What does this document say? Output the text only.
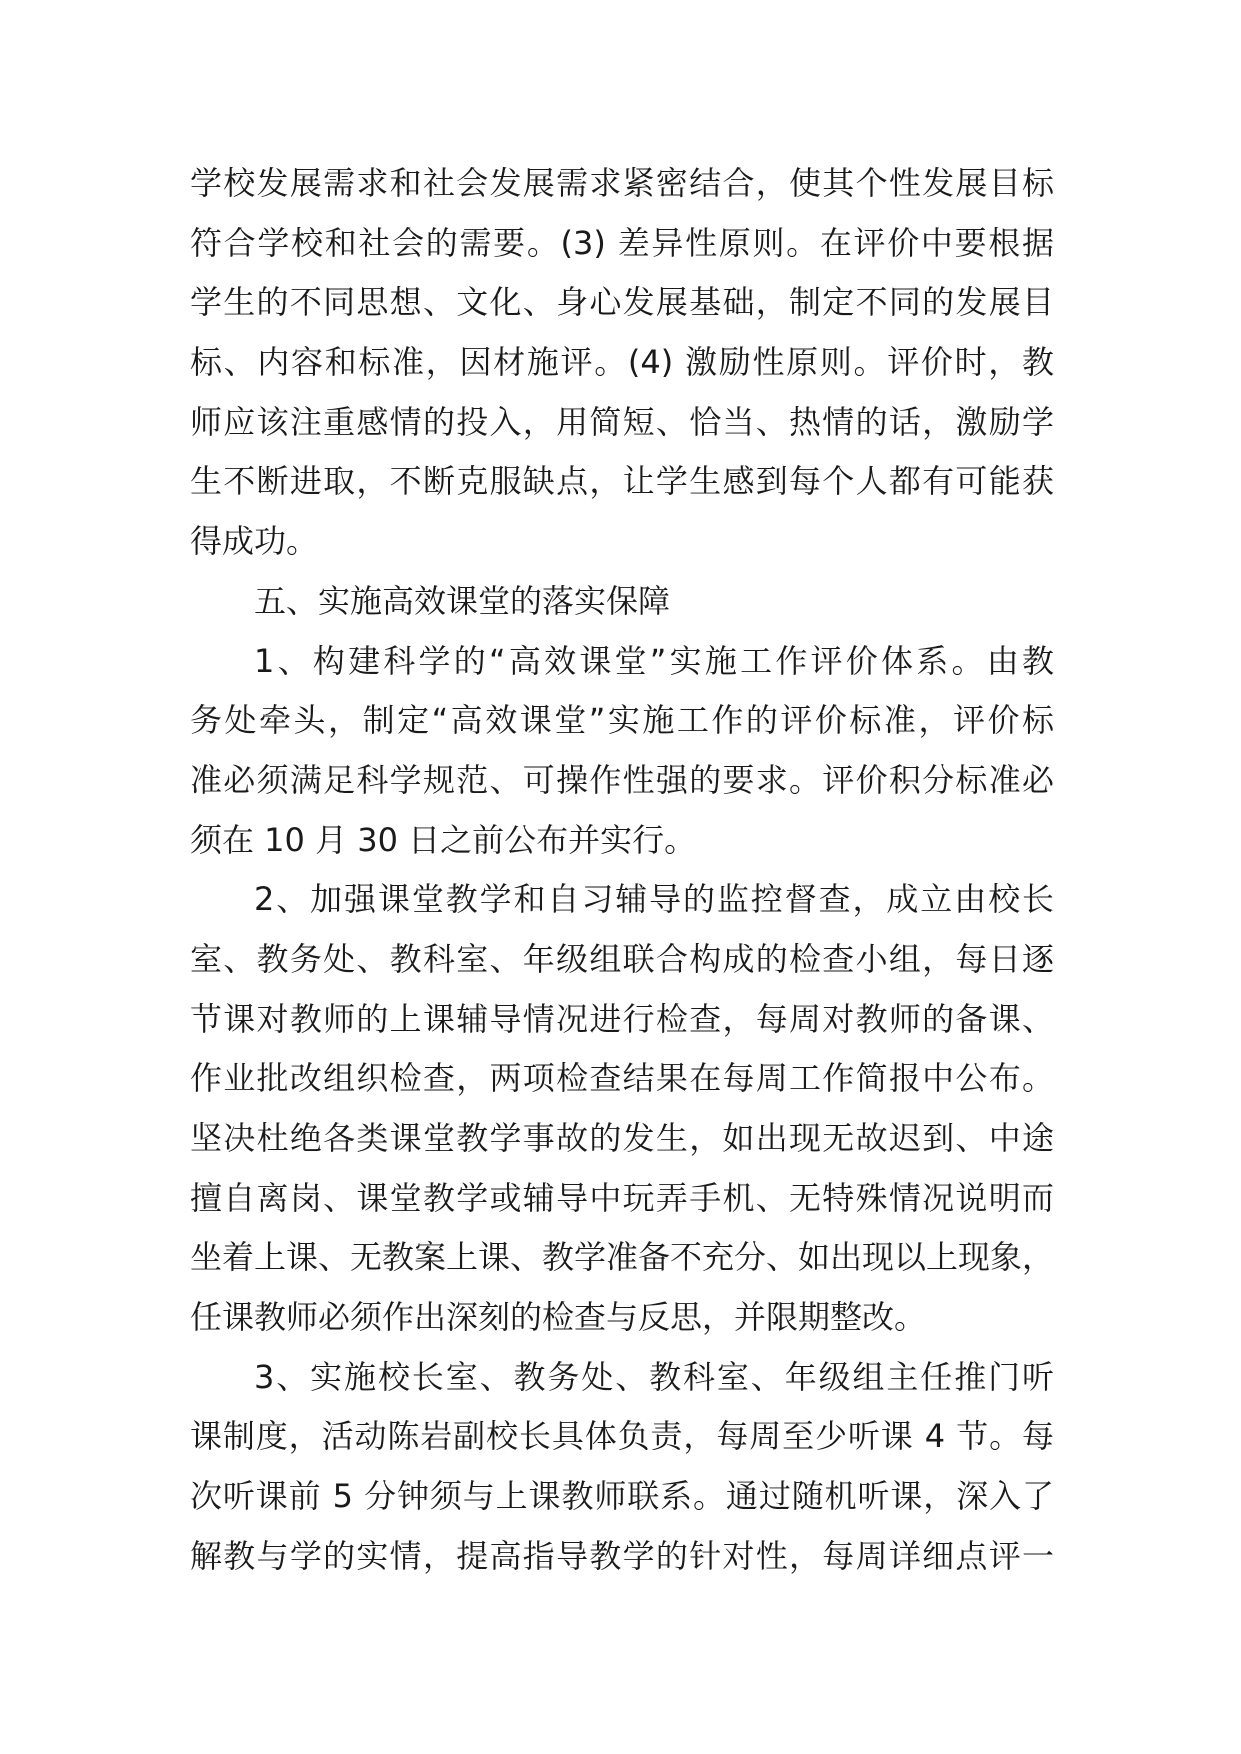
学校发展需求和社会发展需求紧密结合，使其个性发展目标
符合学校和社会的需要。(3) 差异性原则。在评价中要根据
学生的不同思想、文化、身心发展基础，制定不同的发展目
标、内容和标准，因材施评。(4) 激励性原则。评价时，教
师应该注重感情的投入，用简短、恰当、热情的话，激励学
生不断进取，不断克服缺点，让学生感到每个人都有可能获
得成功。
五、实施高效课堂的落实保障
1、构建科学的“高效课堂”实施工作评价体系。由教
务处牵头，制定“高效课堂”实施工作的评价标准，评价标
准必须满足科学规范、可操作性强的要求。评价积分标准必
须在 10 月 30 日之前公布并实行。
2、加强课堂教学和自习辅导的监控督查，成立由校长
室、教务处、教科室、年级组联合构成的检查小组，每日逐
节课对教师的上课辅导情况进行检查，每周对教师的备课、
作业批改组织检查，两项检查结果在每周工作简报中公布。
坚决杜绝各类课堂教学事故的发生，如出现无故迟到、中途
擅自离岗、课堂教学或辅导中玩弄手机、无特殊情况说明而
坐着上课、无教案上课、教学准备不充分、如出现以上现象，
任课教师必须作出深刻的检查与反思，并限期整改。
3、实施校长室、教务处、教科室、年级组主任推门听
课制度，活动陈岩副校长具体负责，每周至少听课 4 节。每
次听课前 5 分钟须与上课教师联系。通过随机听课，深入了
解教与学的实情，提高指导教学的针对性，每周详细点评一
